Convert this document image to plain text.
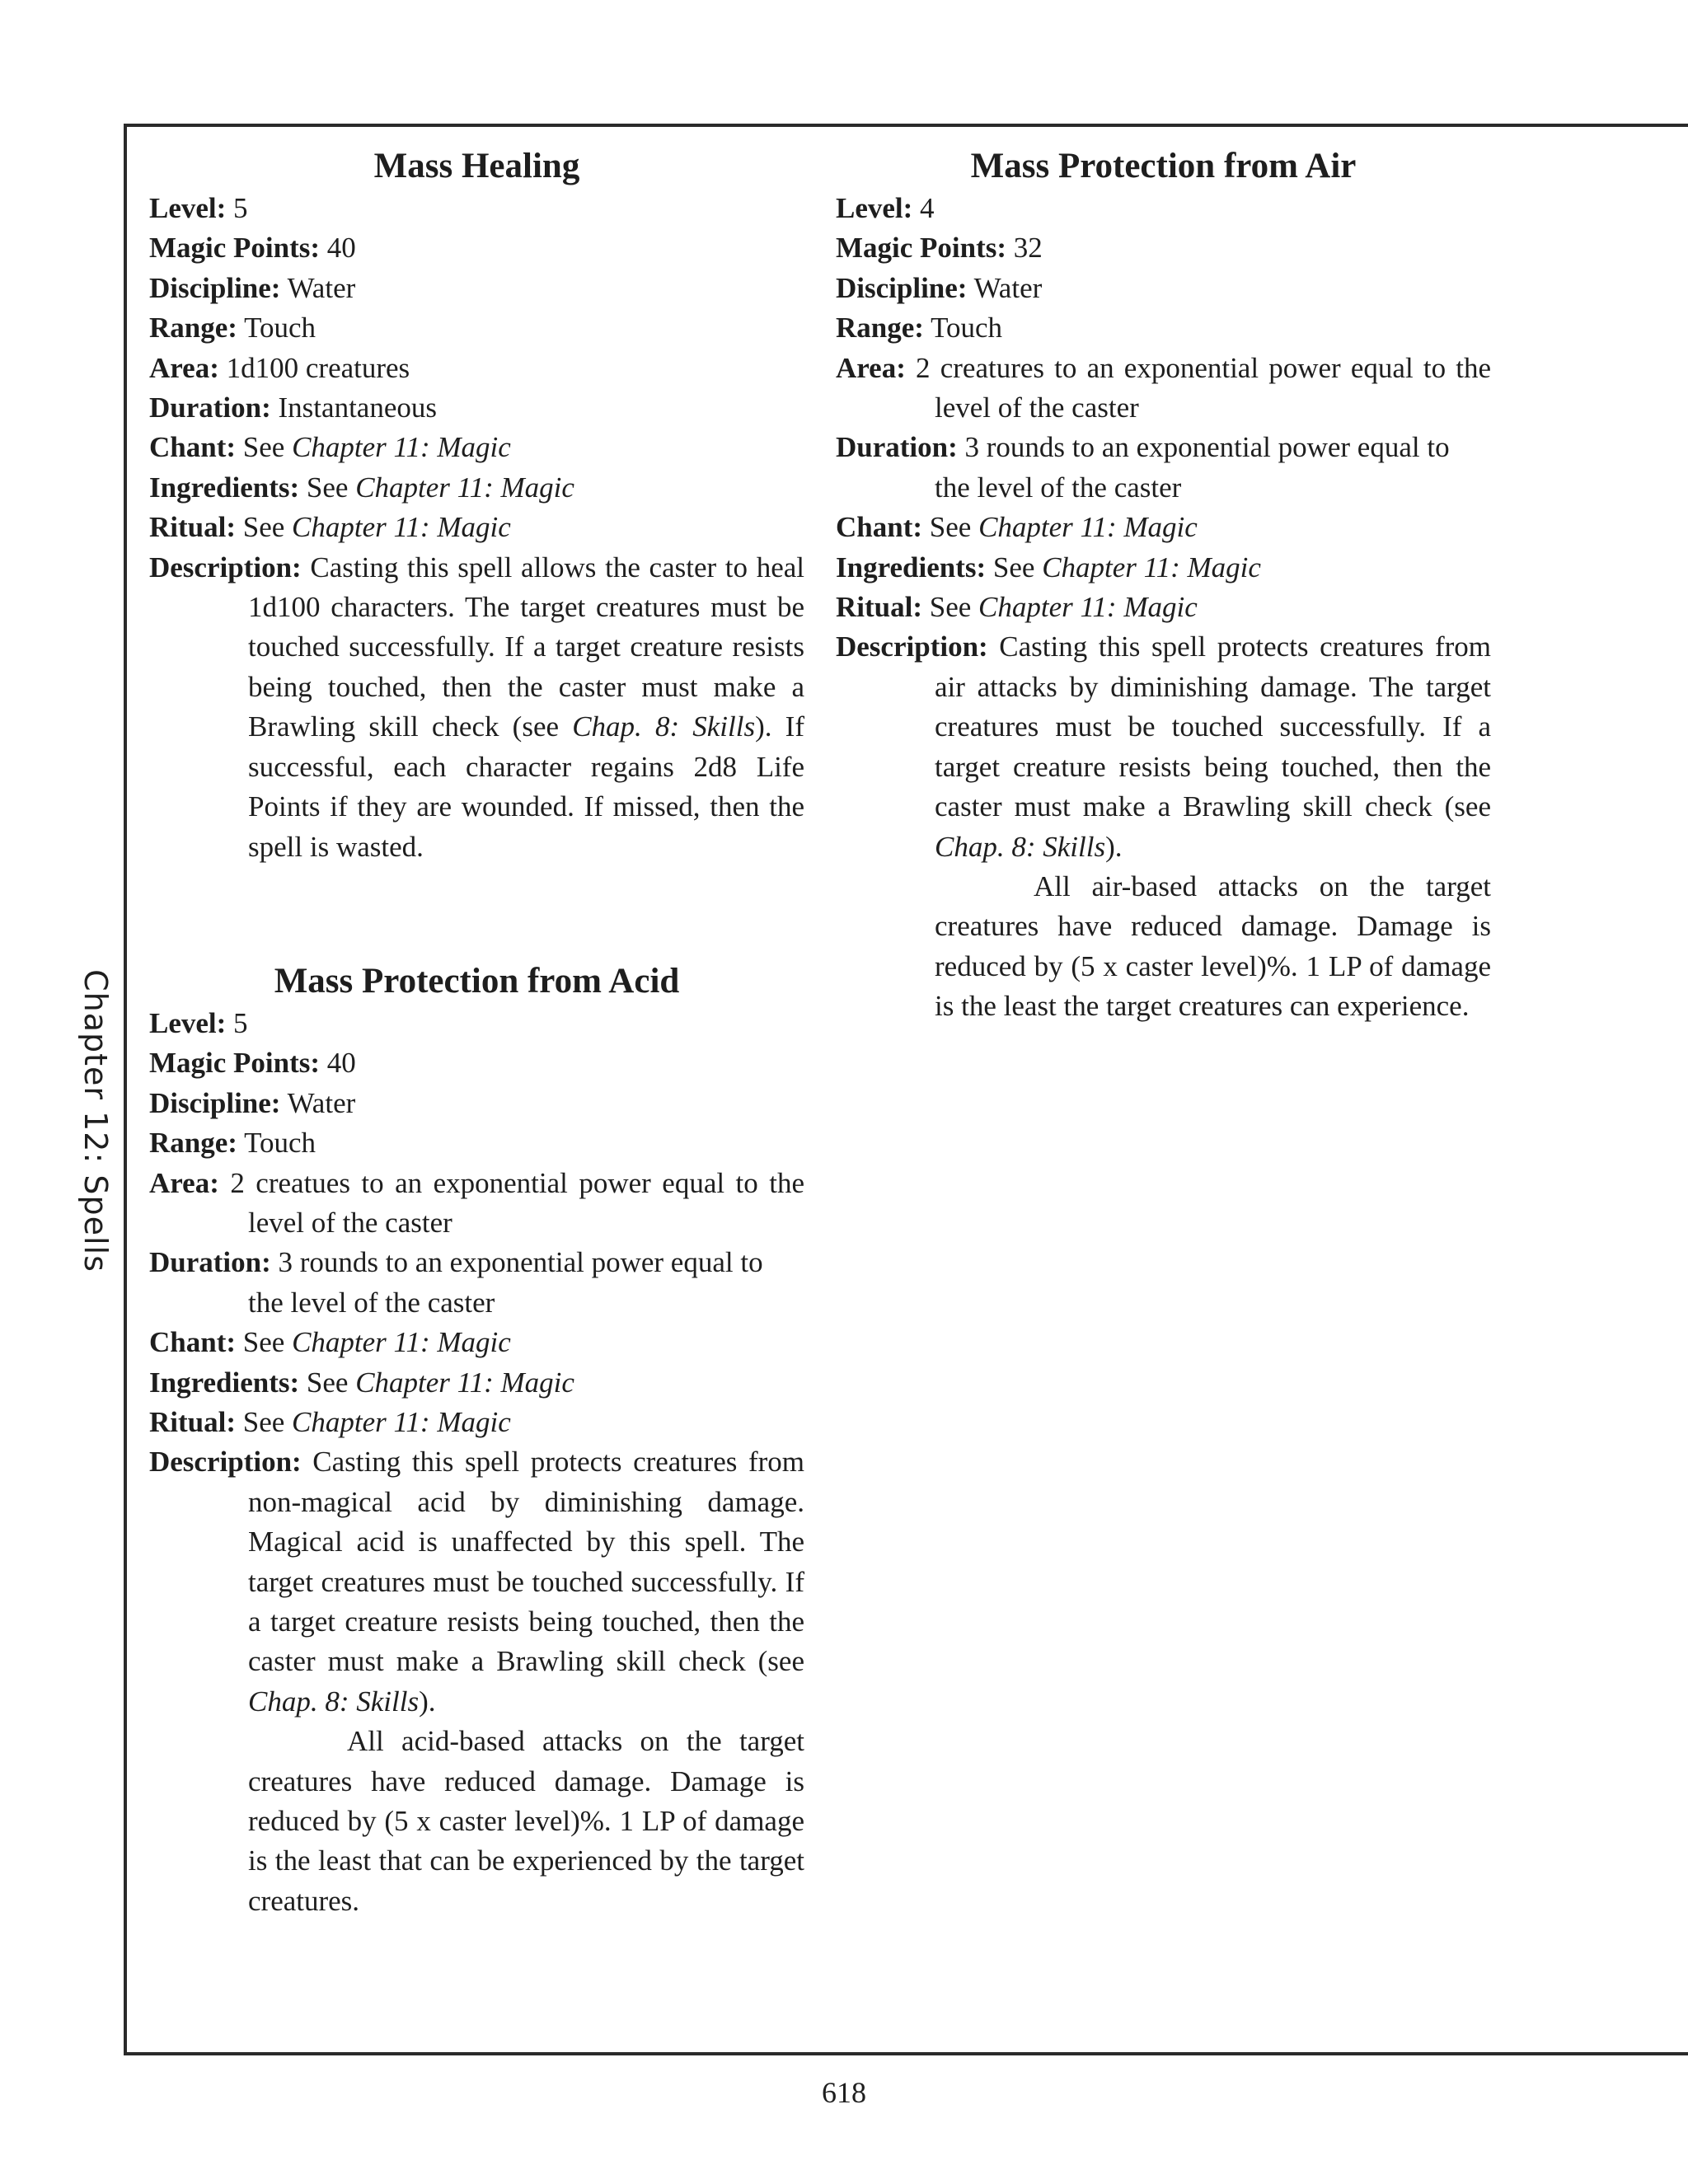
Chapter 12: Spells
Mass Healing
Level: 5
Magic Points: 40
Discipline: Water
Range: Touch
Area: 1d100 creatures
Duration: Instantaneous
Chant: See Chapter 11: Magic
Ingredients: See Chapter 11: Magic
Ritual: See Chapter 11: Magic
Description: Casting this spell allows the caster to heal 1d100 characters. The target creatures must be touched successfully. If a target creature resists being touched, then the caster must make a Brawling skill check (see Chap. 8: Skills). If successful, each character regains 2d8 Life Points if they are wounded. If missed, then the spell is wasted.
Mass Protection from Acid
Level: 5
Magic Points: 40
Discipline: Water
Range: Touch
Area: 2 creatues to an exponential power equal to the level of the caster
Duration: 3 rounds to an exponential power equal to the level of the caster
Chant: See Chapter 11: Magic
Ingredients: See Chapter 11: Magic
Ritual: See Chapter 11: Magic
Description: Casting this spell protects creatures from non-magical acid by diminishing damage. Magical acid is unaffected by this spell. The target creatures must be touched successfully. If a target creature resists being touched, then the caster must make a Brawling skill check (see Chap. 8: Skills).
All acid-based attacks on the target creatures have reduced damage. Damage is reduced by (5 x caster level)%. 1 LP of damage is the least that can be experienced by the target creatures.
Mass Protection from Air
Level: 4
Magic Points: 32
Discipline: Water
Range: Touch
Area: 2 creatures to an exponential power equal to the level of the caster
Duration: 3 rounds to an exponential power equal to the level of the caster
Chant: See Chapter 11: Magic
Ingredients: See Chapter 11: Magic
Ritual: See Chapter 11: Magic
Description: Casting this spell protects creatures from air attacks by diminishing damage. The target creatures must be touched successfully. If a target creature resists being touched, then the caster must make a Brawling skill check (see Chap. 8: Skills).
All air-based attacks on the target creatures have reduced damage. Damage is reduced by (5 x caster level)%. 1 LP of damage is the least the target creatures can experience.
618
